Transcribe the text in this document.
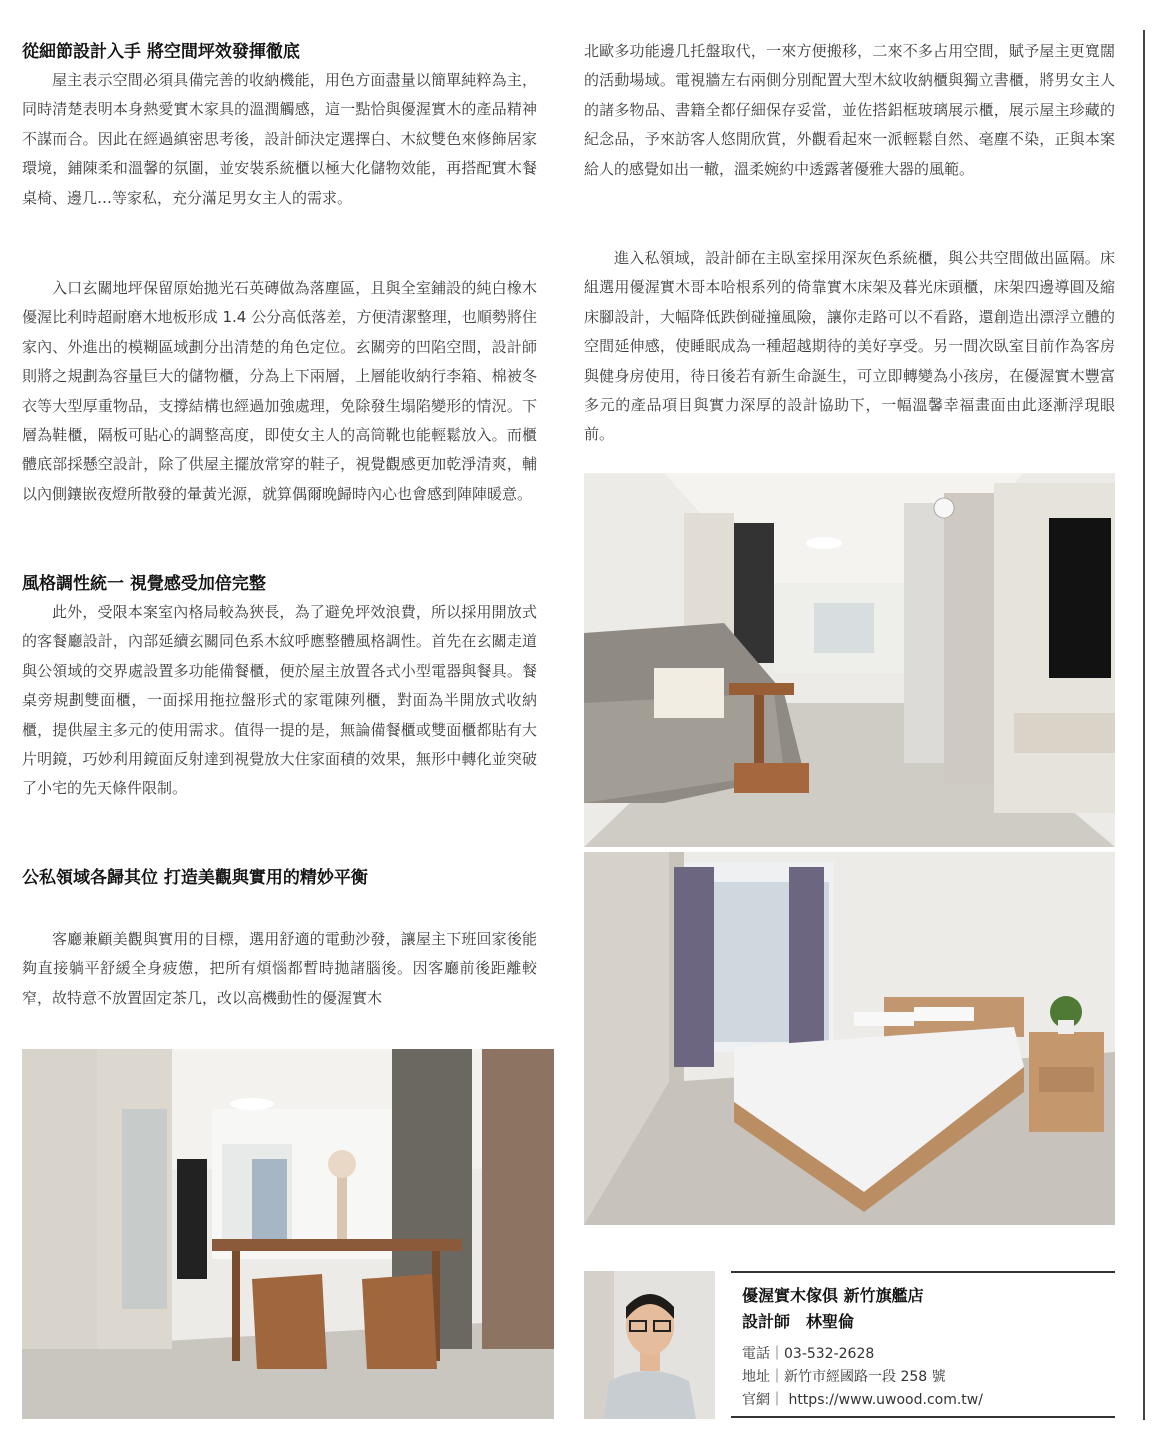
從細節設計入手 將空間坪效發揮徹底

屋主表示空間必須具備完善的收納機能，用色方面盡量以簡單純粹為主，同時清楚表明本身熱愛實木家具的溫潤觸感，這一點恰與優渥實木的產品精神不謀而合。因此在經過縝密思考後，設計師決定選擇白、木紋雙色來修飾居家環境，鋪陳柔和溫馨的氛圍，並安裝系統櫃以極大化儲物效能，再搭配實木餐桌椅、邊几…等家私，充分滿足男女主人的需求。

入口玄關地坪保留原始拋光石英磚做為落塵區，且與全室鋪設的純白橡木優渥比利時超耐磨木地板形成 1.4 公分高低落差，方便清潔整理，也順勢將住家內、外進出的模糊區域劃分出清楚的角色定位。玄關旁的凹陷空間，設計師則將之規劃為容量巨大的儲物櫃，分為上下兩層，上層能收納行李箱、棉被冬衣等大型厚重物品，支撐結構也經過加強處理，免除發生塌陷變形的情況。下層為鞋櫃，隔板可貼心的調整高度，即使女主人的高筒靴也能輕鬆放入。而櫃體底部採懸空設計，除了供屋主擺放常穿的鞋子，視覺觀感更加乾淨清爽，輔以內側鑲嵌夜燈所散發的暈黃光源，就算偶爾晚歸時內心也會感到陣陣暖意。

風格調性統一 視覺感受加倍完整

此外，受限本案室內格局較為狹長，為了避免坪效浪費，所以採用開放式的客餐廳設計，內部延續玄關同色系木紋呼應整體風格調性。首先在玄關走道與公領域的交界處設置多功能備餐櫃，便於屋主放置各式小型電器與餐具。餐桌旁規劃雙面櫃，一面採用拖拉盤形式的家電陳列櫃，對面為半開放式收納櫃，提供屋主多元的使用需求。值得一提的是，無論備餐櫃或雙面櫃都貼有大片明鏡，巧妙利用鏡面反射達到視覺放大住家面積的效果，無形中轉化並突破了小宅的先天條件限制。

公私領域各歸其位 打造美觀與實用的精妙平衡

客廳兼顧美觀與實用的目標，選用舒適的電動沙發，讓屋主下班回家後能夠直接躺平舒緩全身疲憊，把所有煩惱都暫時拋諸腦後。因客廳前後距離較窄，故特意不放置固定茶几，改以高機動性的優渥實木

北歐多功能邊几托盤取代，一來方便搬移，二來不多占用空間，賦予屋主更寬闊的活動場域。電視牆左右兩側分別配置大型木紋收納櫃與獨立書櫃，將男女主人的諸多物品、書籍全都仔細保存妥當，並佐搭鋁框玻璃展示櫃，展示屋主珍藏的紀念品，予來訪客人悠閒欣賞，外觀看起來一派輕鬆自然、毫塵不染，正與本案給人的感覺如出一轍，溫柔婉約中透露著優雅大器的風範。

進入私領域，設計師在主臥室採用深灰色系統櫃，與公共空間做出區隔。床組選用優渥實木哥本哈根系列的倚靠實木床架及暮光床頭櫃，床架四邊導圓及縮床腳設計，大幅降低跌倒碰撞風險，讓你走路可以不看路，還創造出漂浮立體的空間延伸感，使睡眠成為一種超越期待的美好享受。另一間次臥室目前作為客房與健身房使用，待日後若有新生命誕生，可立即轉變為小孩房，在優渥實木豐富多元的產品項目與實力深厚的設計協助下，一幅溫馨幸福畫面由此逐漸浮現眼前。

優渥實木傢俱 新竹旗艦店

設計師　林聖倫

電話｜03-532-2628

地址｜新竹市經國路一段 258 號

官網｜ https://www.uwood.com.tw/
